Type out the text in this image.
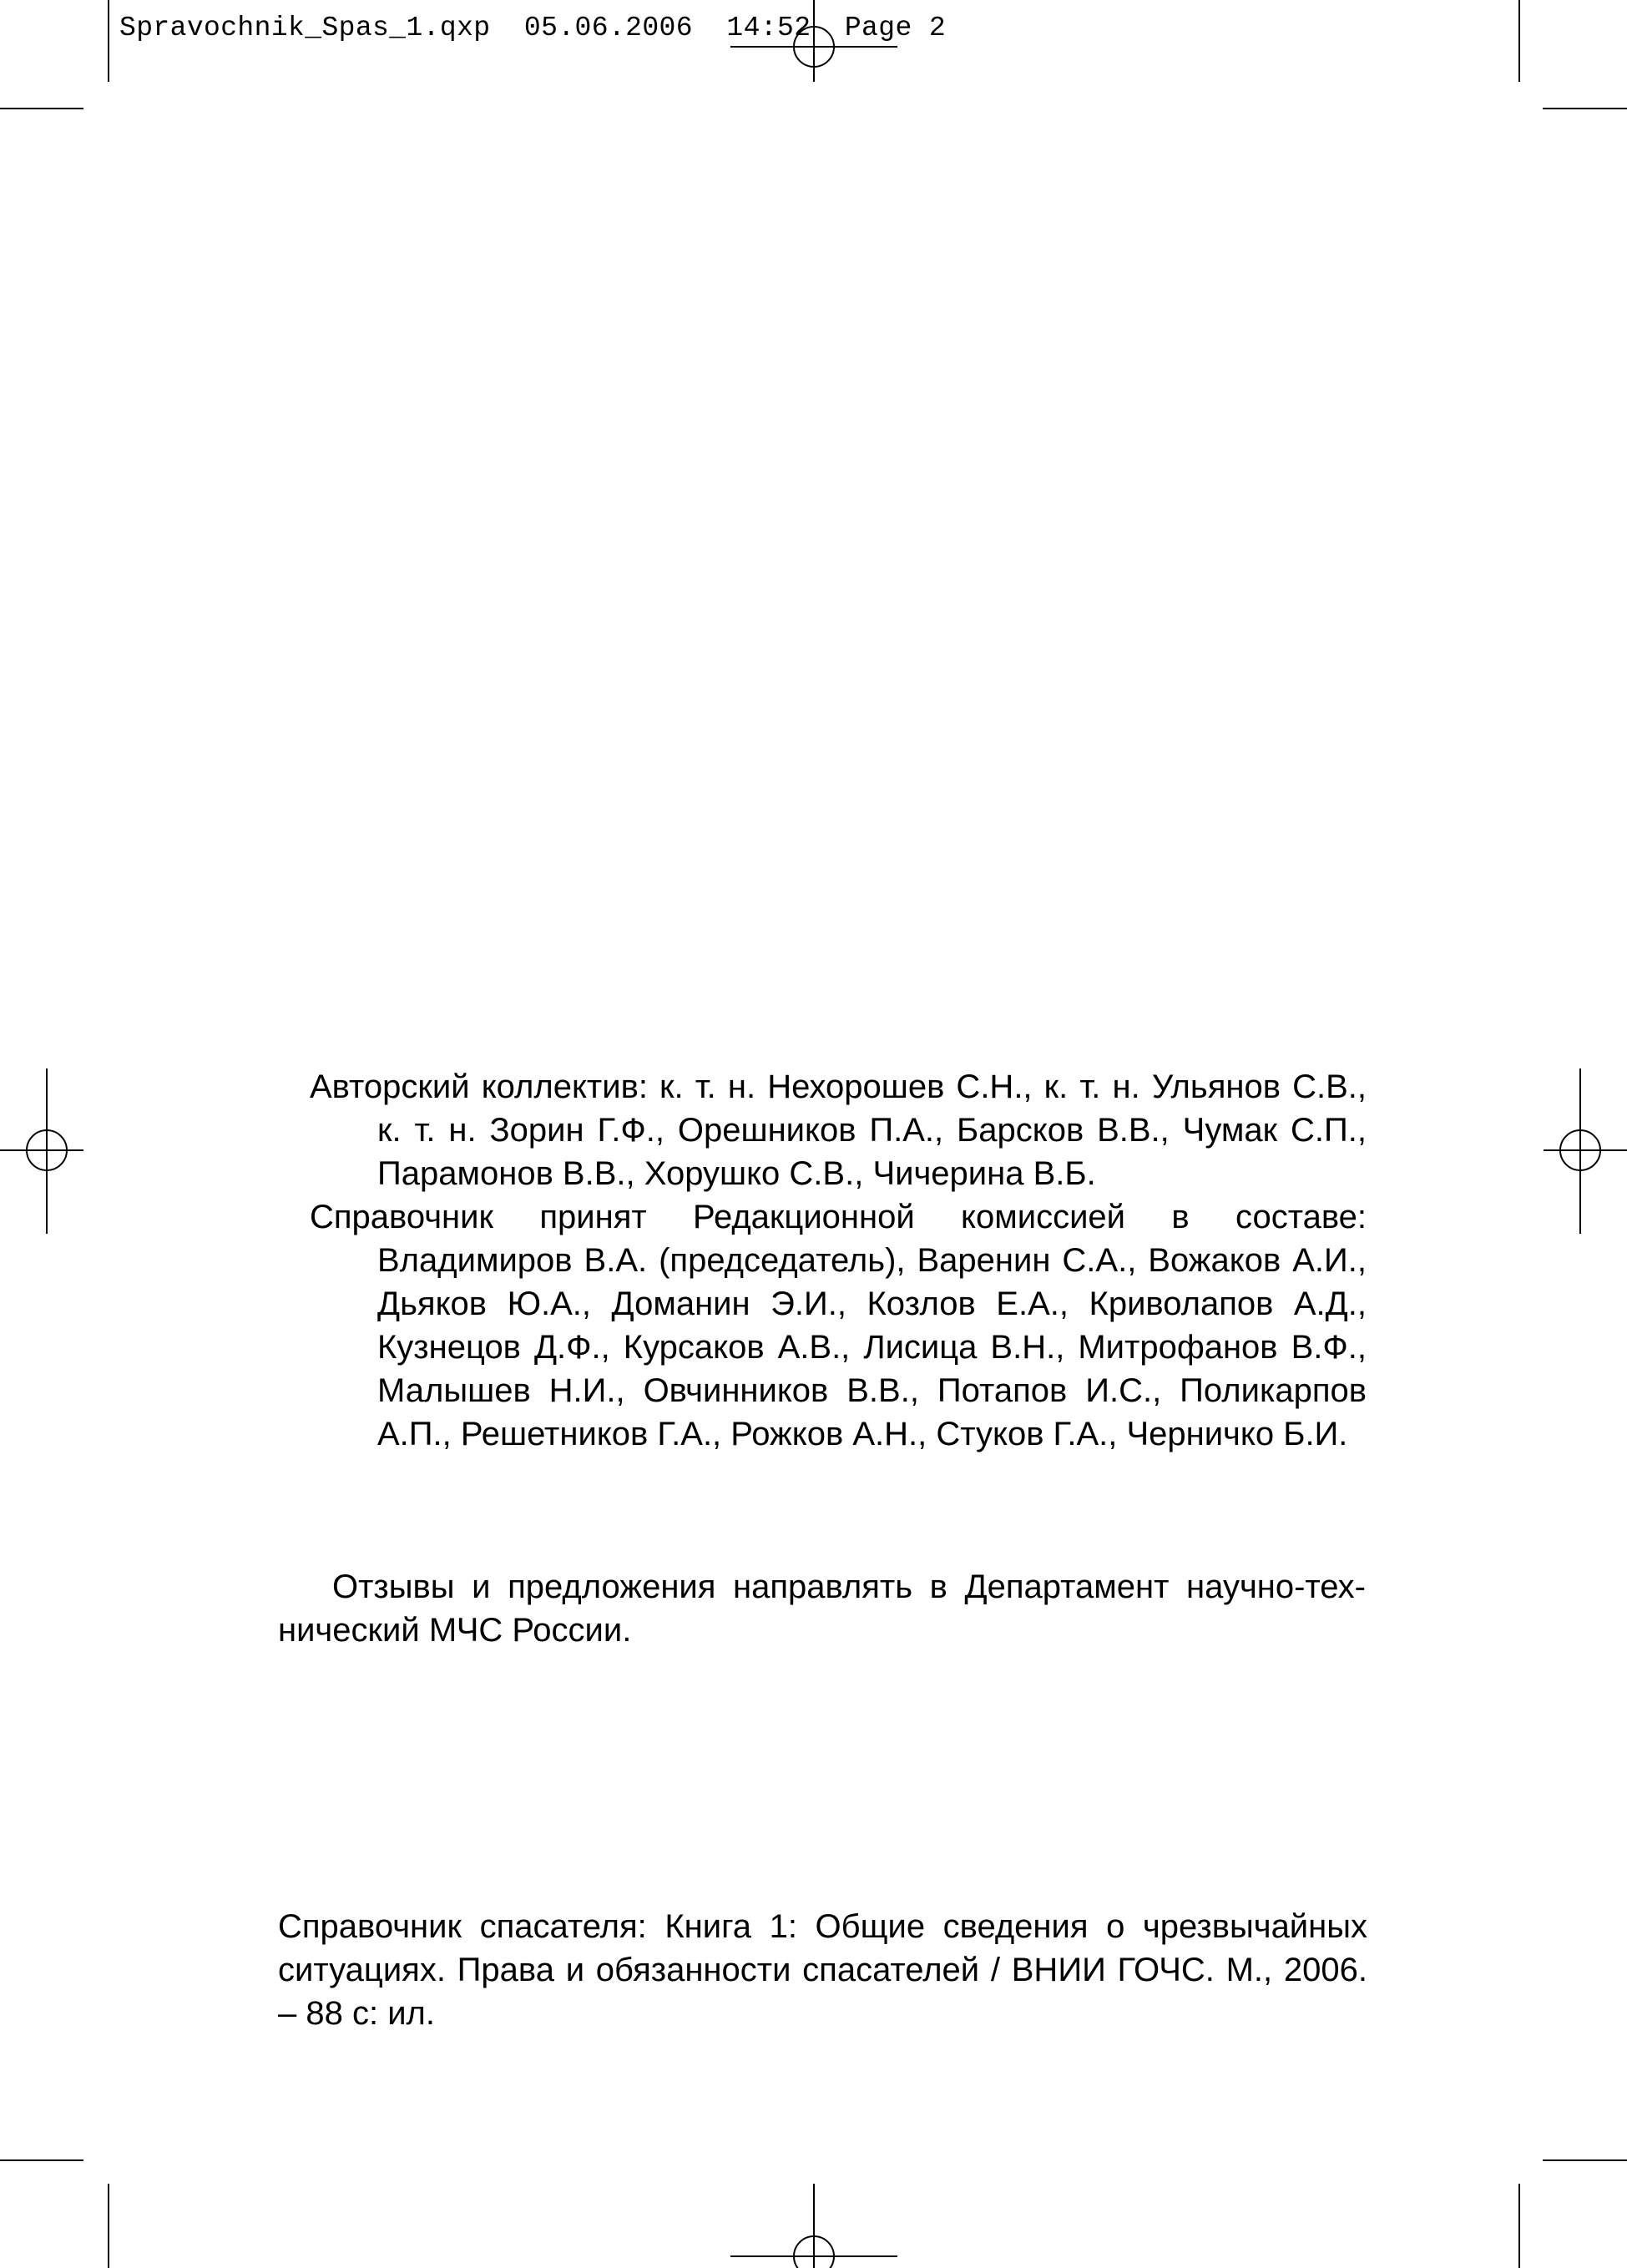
Spravochnik_Spas_1.qxp 05.06.2006 14:52 Page 2

Авторский коллектив: к. т. н. Нехорошев С.Н., к. т. н. Ульянов С.В., к. т. н. Зорин Г.Ф., Орешников П.А., Барсков В.В., Чумак С.П., Парамонов В.В., Хорушко С.В., Чичерина В.Б.

Справочник принят Редакционной комиссией в составе: Владимиров В.А. (председатель), Варенин С.А., Вожаков А.И., Дьяков Ю.А., Доманин Э.И., Козлов Е.А., Криволапов А.Д., Кузнецов Д.Ф., Курсаков А.В., Лисица В.Н., Митрофанов В.Ф., Малышев Н.И., Овчинников В.В., Потапов И.С., Поликарпов А.П., Решетников Г.А., Рожков А.Н., Стуков Г.А., Черничко Б.И.

Отзывы и предложения направлять в Департамент научно-технический МЧС России.

Справочник спасателя: Книга 1: Общие сведения о чрезвычайных ситуациях. Права и обязанности спасателей / ВНИИ ГОЧС. М., 2006. – 88 с: ил.
